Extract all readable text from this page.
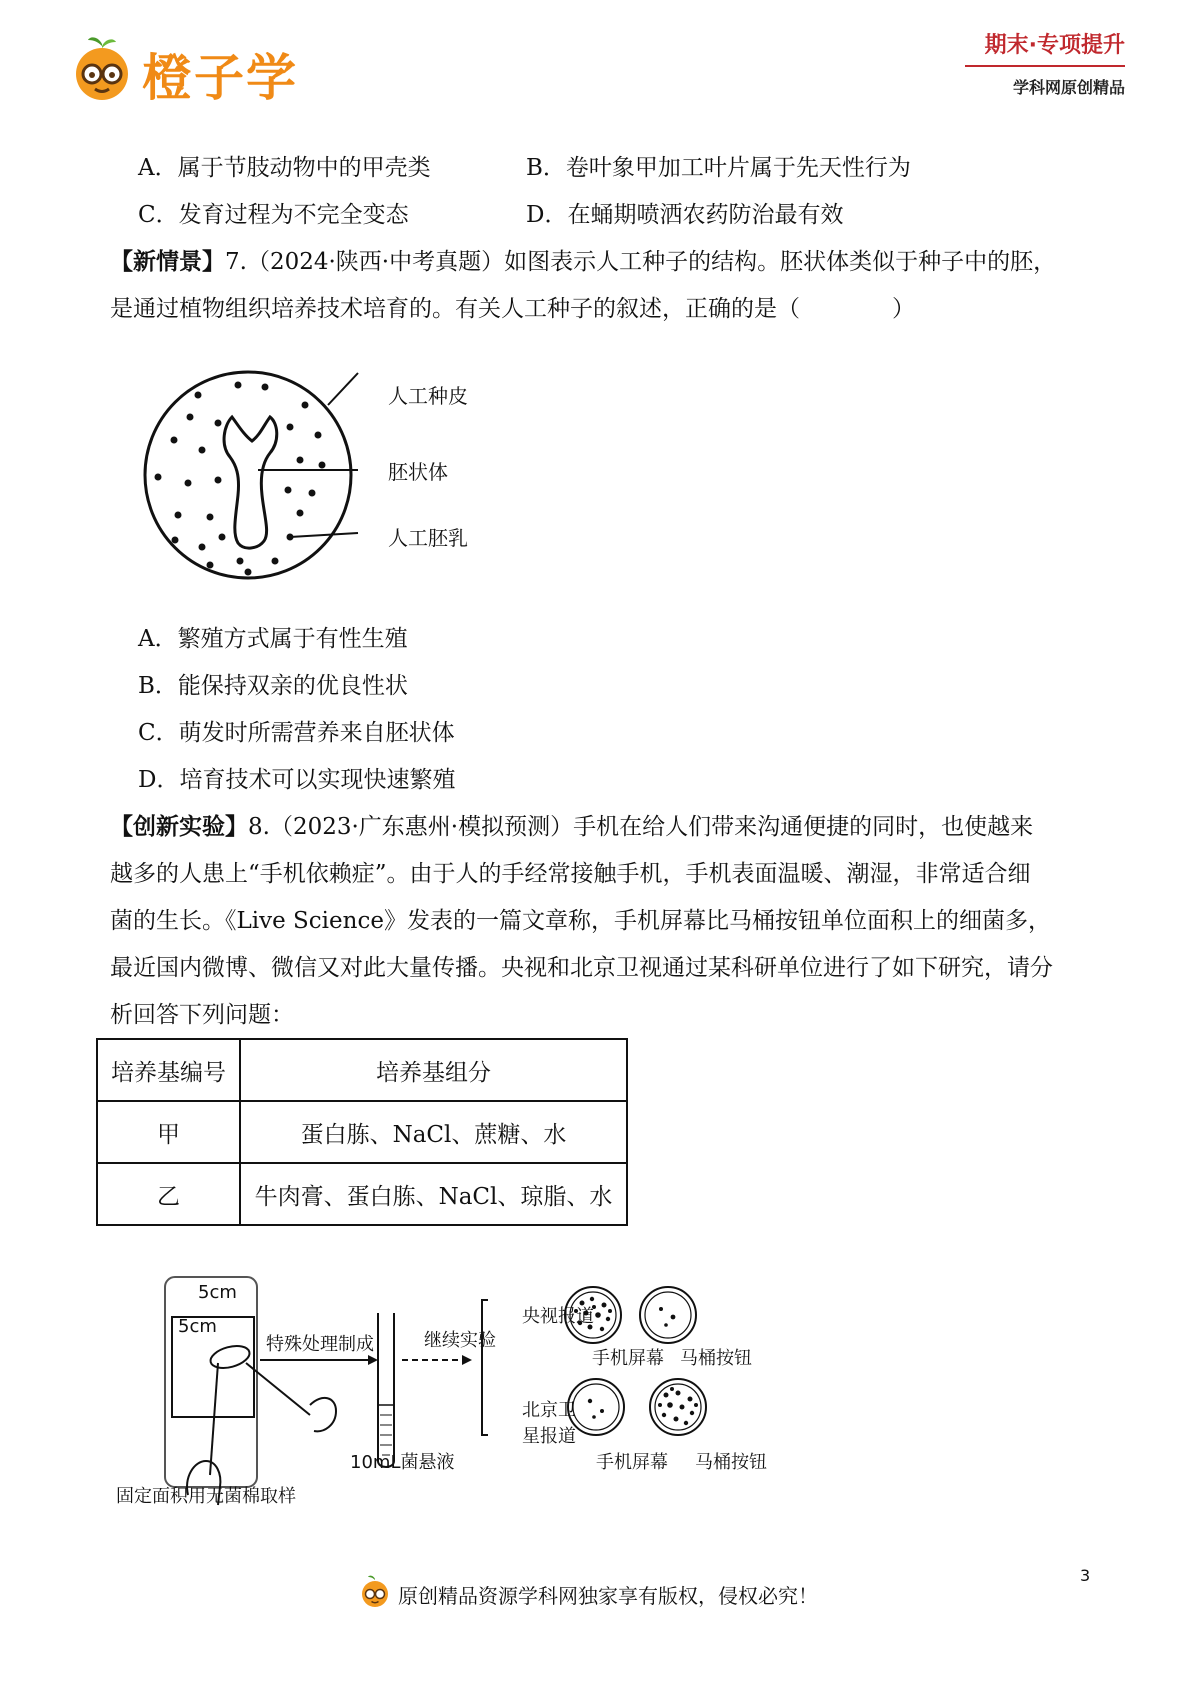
橙子学
期末·专项提升
学科网原创精品
A．属于节肢动物中的甲壳类	B．卷叶象甲加工叶片属于先天性行为
C．发育过程为不完全变态	D．在蛹期喷洒农药防治最有效
【新情景】7.（2024·陕西·中考真题）如图表示人工种子的结构。胚状体类似于种子中的胚，
是通过植物组织培养技术培育的。有关人工种子的叙述，正确的是（　　　　）
人工种皮
胚状体
人工胚乳
A．繁殖方式属于有性生殖
B．能保持双亲的优良性状
C．萌发时所需营养来自胚状体
D．培育技术可以实现快速繁殖
【创新实验】8.（2023·广东惠州·模拟预测）手机在给人们带来沟通便捷的同时，也使越来
越多的人患上“手机依赖症”。由于人的手经常接触手机，手机表面温暖、潮湿，非常适合细
菌的生长。《Live Science》发表的一篇文章称，手机屏幕比马桶按钮单位面积上的细菌多，
最近国内微博、微信又对此大量传播。央视和北京卫视通过某科研单位进行了如下研究，请分
析回答下列问题：
培养基编号	培养基组分
甲	蛋白胨、NaCl、蔗糖、水
乙	牛肉膏、蛋白胨、NaCl、琼脂、水
5cm
5cm
特殊处理制成	继续实验
10mL菌悬液
固定面积用无菌棉取样
央视报道
北京卫
星报道
手机屏幕 马桶按钮
手机屏幕 马桶按钮
原创精品资源学科网独家享有版权，侵权必究！
3
